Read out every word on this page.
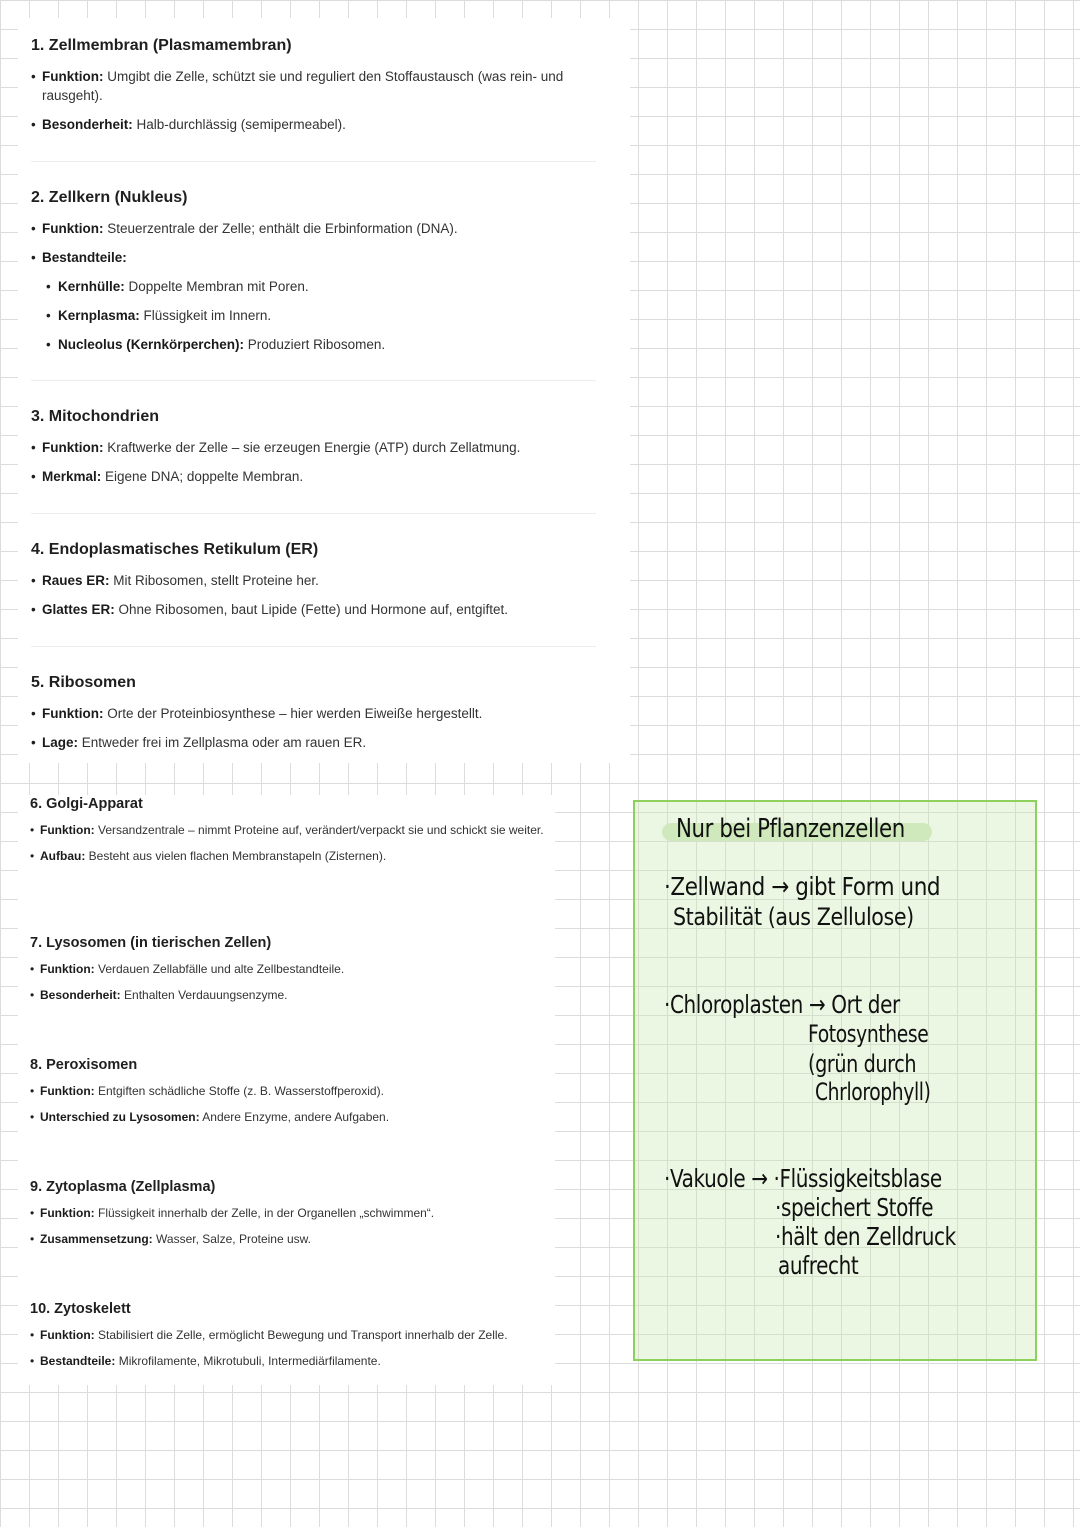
1. Zellmembran (Plasmamembran)

• Funktion: Umgibt die Zelle, schützt sie und reguliert den Stoffaustausch (was rein- und rausgeht).

• Besonderheit: Halb-durchlässig (semipermeabel).

2. Zellkern (Nukleus)

• Funktion: Steuerzentrale der Zelle; enthält die Erbinformation (DNA).

• Bestandteile:

• Kernhülle: Doppelte Membran mit Poren.

• Kernplasma: Flüssigkeit im Innern.

• Nucleolus (Kernkörperchen): Produziert Ribosomen.

3. Mitochondrien

• Funktion: Kraftwerke der Zelle – sie erzeugen Energie (ATP) durch Zellatmung.

• Merkmal: Eigene DNA; doppelte Membran.

4. Endoplasmatisches Retikulum (ER)

• Raues ER: Mit Ribosomen, stellt Proteine her.

• Glattes ER: Ohne Ribosomen, baut Lipide (Fette) und Hormone auf, entgiftet.

5. Ribosomen

• Funktion: Orte der Proteinbiosynthese – hier werden Eiweiße hergestellt.

• Lage: Entweder frei im Zellplasma oder am rauen ER.

6. Golgi-Apparat

• Funktion: Versandzentrale – nimmt Proteine auf, verändert/verpackt sie und schickt sie weiter.

• Aufbau: Besteht aus vielen flachen Membranstapeln (Zisternen).

7. Lysosomen (in tierischen Zellen)

• Funktion: Verdauen Zellabfälle und alte Zellbestandteile.

• Besonderheit: Enthalten Verdauungsenzyme.

8. Peroxisomen

• Funktion: Entgiften schädliche Stoffe (z. B. Wasserstoffperoxid).

• Unterschied zu Lysosomen: Andere Enzyme, andere Aufgaben.

9. Zytoplasma (Zellplasma)

• Funktion: Flüssigkeit innerhalb der Zelle, in der Organellen „schwimmen“.

• Zusammensetzung: Wasser, Salze, Proteine usw.

10. Zytoskelett

• Funktion: Stabilisiert die Zelle, ermöglicht Bewegung und Transport innerhalb der Zelle.

• Bestandteile: Mikrofilamente, Mikrotubuli, Intermediärfilamente.

Nur bei Pflanzenzellen
·Zellwand → gibt Form und
Stabilität (aus Zellulose)
·Chloroplasten → Ort der
Fotosynthese
(grün durch
Chrlorophyll)
·Vakuole → ·Flüssigkeitsblase
·speichert Stoffe
·hält den Zelldruck
aufrecht
